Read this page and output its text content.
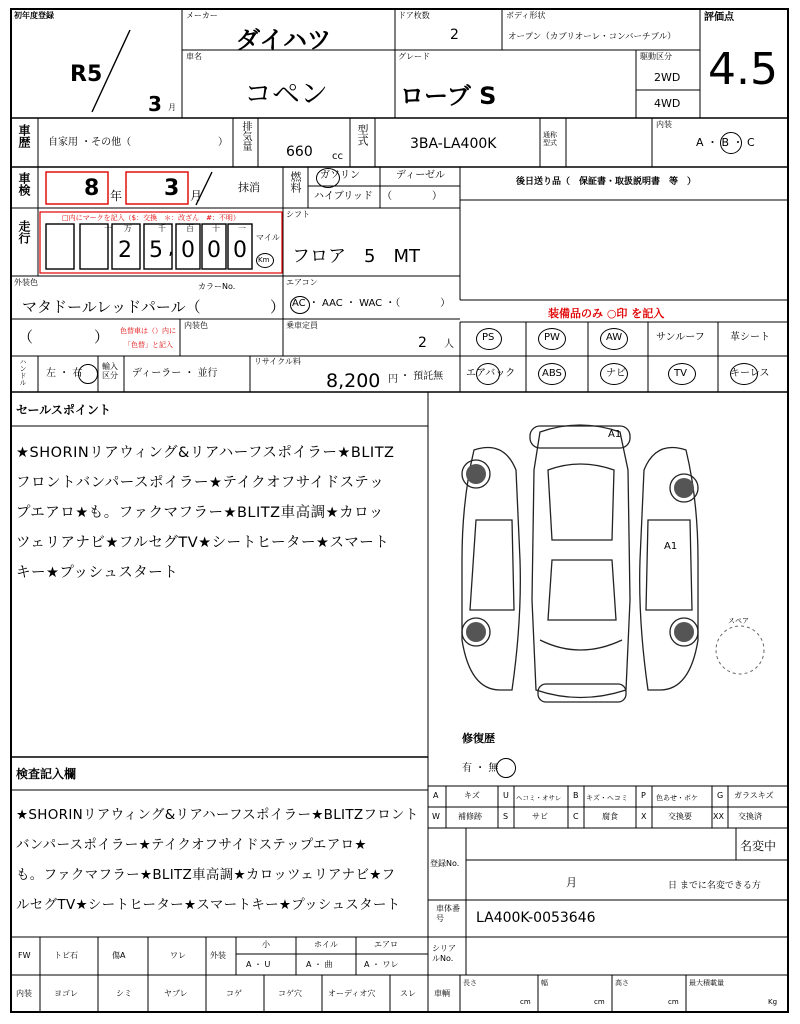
初年度登録
R5
3 月
メーカー
ダイハツ
ドア枚数
2
ボディ形状
オープン（カブリオーレ・コンバーチブル）
評価点
4.5
車名
コペン
グレード
ローブ S
駆動区分
2WD
4WD
車歴 自家用 ・その他（	） 排気量
660 cc
型式	3BA-LA400K
通称型式
内装
A ・ B ・ C
車検 8 年 3 月
抹消	燃料 ガソリン	ディーゼル
ハイブリッド （　　　　）
後日送り品（　保証書・取扱説明書　等　）
走行
□内にマークを記入（$：交換　＊：改ざん　#：不明）
十 万	千	百 十 一
2 5 , 0 0 0
マイル
Km
シフト
フロア　5　MT
外装色	カラーNo.
マタドールレッドパール（	）
エアコン
AC ・ AAC ・ WAC ・（　　　　）
装備品のみ ○印 を記入
（	） 色替車は（）内に
「色替」と記入
内装色	乗車定員
2 人
PS	PW	AW	サンルーフ	革シート
エアバック	ABS	ナビ	TV	キーレス
ハンドル 左 ・ 右
輸入区分	ディーラー ・ 並行
リサイクル料
8,200 円 ・ 預託無
セールスポイント
★SHORINリアウィング&リアハーフスポイラー★BLITZ
フロントバンパースポイラー★テイクオフサイドステッ
プエアロ★も。ファクマフラー★BLITZ車高調★カロッ
ツェリアナビ★フルセグTV★シートヒーター★スマート
キー★プッシュスタート
A1
A1
スペア
修復歴
有 ・ 無
検査記入欄
★SHORINリアウィング&リアハーフスポイラー★BLITZフロント
バンパースポイラー★テイクオフサイドステップエアロ★
も。ファクマフラー★BLITZ車高調★カロッツェリアナビ★フ
ルセグTV★シートヒーター★スマートキー★プッシュスタート
A	キズ	U ヘコミ・オサレ B キズ・ヘコミ P 色あせ・ボケ G ガラスキズ
W 補修跡	S	サビ	C	腐食	X	交換要	XX 交換済
登録No.
名変中
月	日 までに名変できる方
車体番号	LA400K-0053646
FW	トビ石	傷A	ワレ	外装
小	ホイル	エアロ
A ・ U	A ・ 曲	A ・ ワレ
シリアルNo.
内装	ヨゴレ	シミ	ヤブレ	コゲ	コゲ穴	オーディオ穴	スレ 車輌
長さ
cm
幅
cm
高さ
cm
最大積載量
Kg
